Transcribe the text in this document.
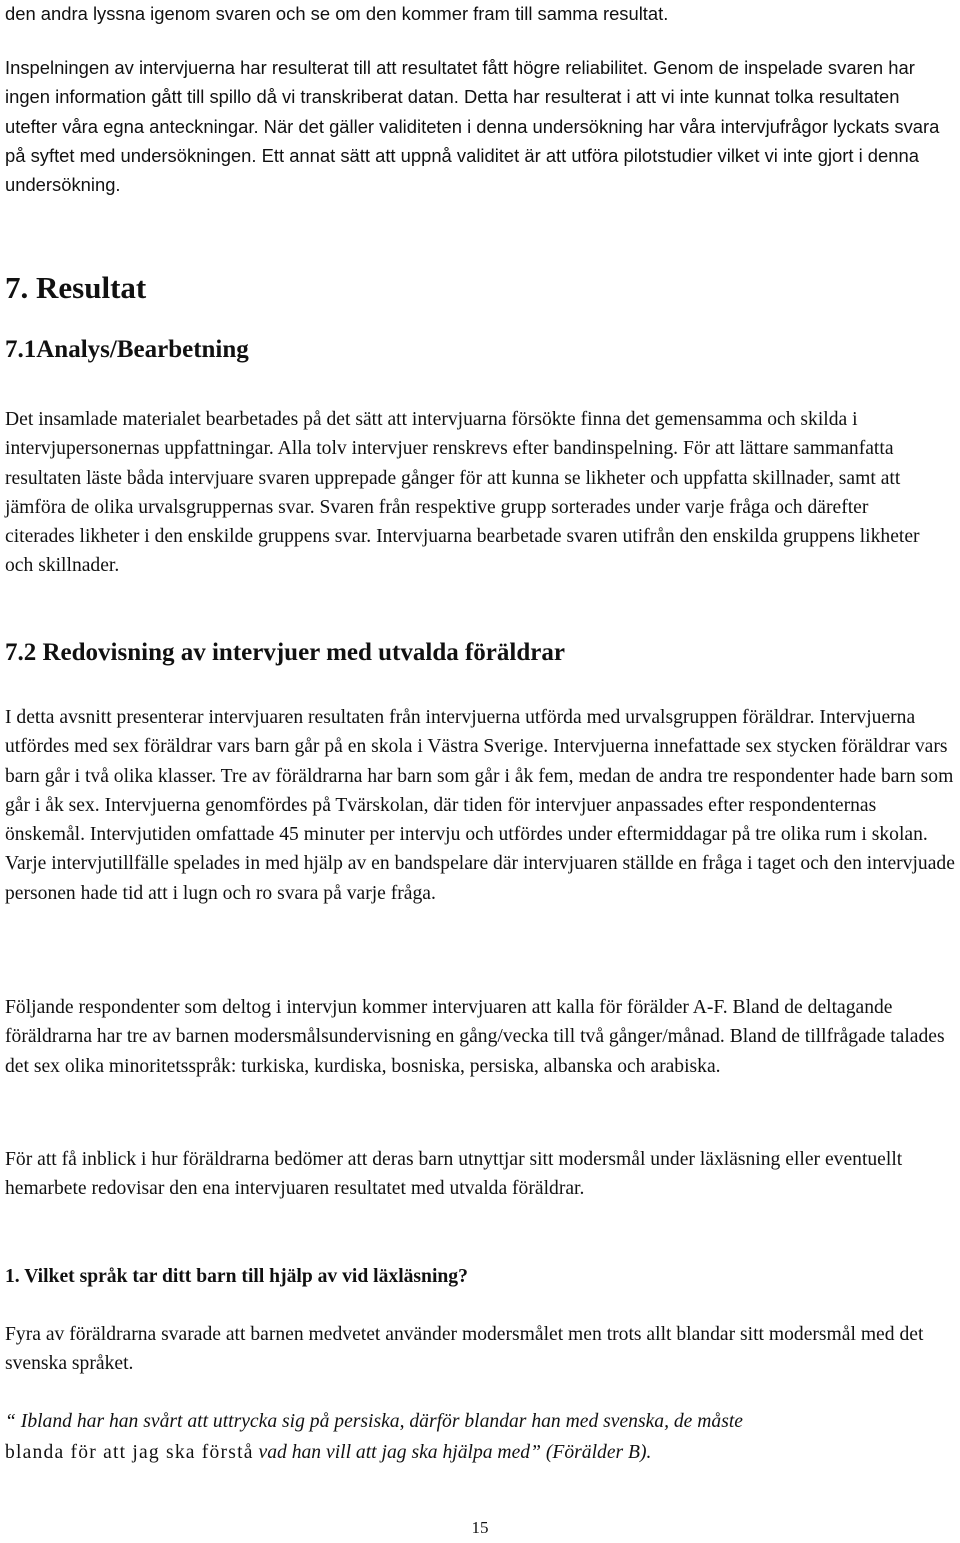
den andra lyssna igenom svaren och se om den kommer fram till samma resultat.

Inspelningen av intervjuerna har resulterat till att resultatet fått högre reliabilitet. Genom de inspelade svaren har ingen information gått till spillo då vi transkriberat datan. Detta har resulterat i att vi inte kunnat tolka resultaten utefter våra egna anteckningar. När det gäller validiteten i denna undersökning har våra intervjufrågor lyckats svara på syftet med undersökningen. Ett annat sätt att uppnå validitet är att utföra pilotstudier vilket vi inte gjort i denna undersökning.

7. Resultat
7.1Analys/Bearbetning

Det insamlade materialet bearbetades på det sätt att intervjuarna försökte finna det gemensamma och skilda i intervjupersonernas uppfattningar. Alla tolv intervjuer renskrevs efter bandinspelning. För att lättare sammanfatta resultaten läste båda intervjuare svaren upprepade gånger för att kunna se likheter och uppfatta skillnader, samt att jämföra de olika urvalsgruppernas svar. Svaren från respektive grupp sorterades under varje fråga och därefter citerades likheter i den enskilde gruppens svar. Intervjuarna bearbetade svaren utifrån den enskilda gruppens likheter och skillnader.

7.2 Redovisning av intervjuer med utvalda föräldrar

I detta avsnitt presenterar intervjuaren resultaten från intervjuerna utförda med urvalsgruppen föräldrar. Intervjuerna utfördes med sex föräldrar vars barn går på en skola i Västra Sverige. Intervjuerna innefattade sex stycken föräldrar vars barn går i två olika klasser. Tre av föräldrarna har barn som går i åk fem, medan de andra tre respondenter hade barn som går i åk sex. Intervjuerna genomfördes på Tvärskolan, där tiden för intervjuer anpassades efter respondenternas önskemål. Intervjutiden omfattade 45 minuter per intervju och utfördes under eftermiddagar på tre olika rum i skolan. Varje intervjutillfälle spelades in med hjälp av en bandspelare där intervjuaren ställde en fråga i taget och den intervjuade personen hade tid att i lugn och ro svara på varje fråga.

Följande respondenter som deltog i intervjun kommer intervjuaren att kalla för förälder A-F. Bland de deltagande föräldrarna har tre av barnen modersmålsundervisning en gång/vecka till två gånger/månad. Bland de tillfrågade talades det sex olika minoritetsspråk: turkiska, kurdiska, bosniska, persiska, albanska och arabiska.

För att få inblick i hur föräldrarna bedömer att deras barn utnyttjar sitt modersmål under läxläsning eller eventuellt hemarbete redovisar den ena intervjuaren resultatet med utvalda föräldrar.

1. Vilket språk tar ditt barn till hjälp av vid läxläsning?

Fyra av föräldrarna svarade att barnen medvetet använder modersmålet men trots allt blandar sitt modersmål med det svenska språket.

“ Ibland har han svårt att uttrycka sig på persiska, därför blandar han med svenska, de måste
blanda för att jag ska förstå vad han vill att jag ska hjälpa med” (Förälder B).

15
